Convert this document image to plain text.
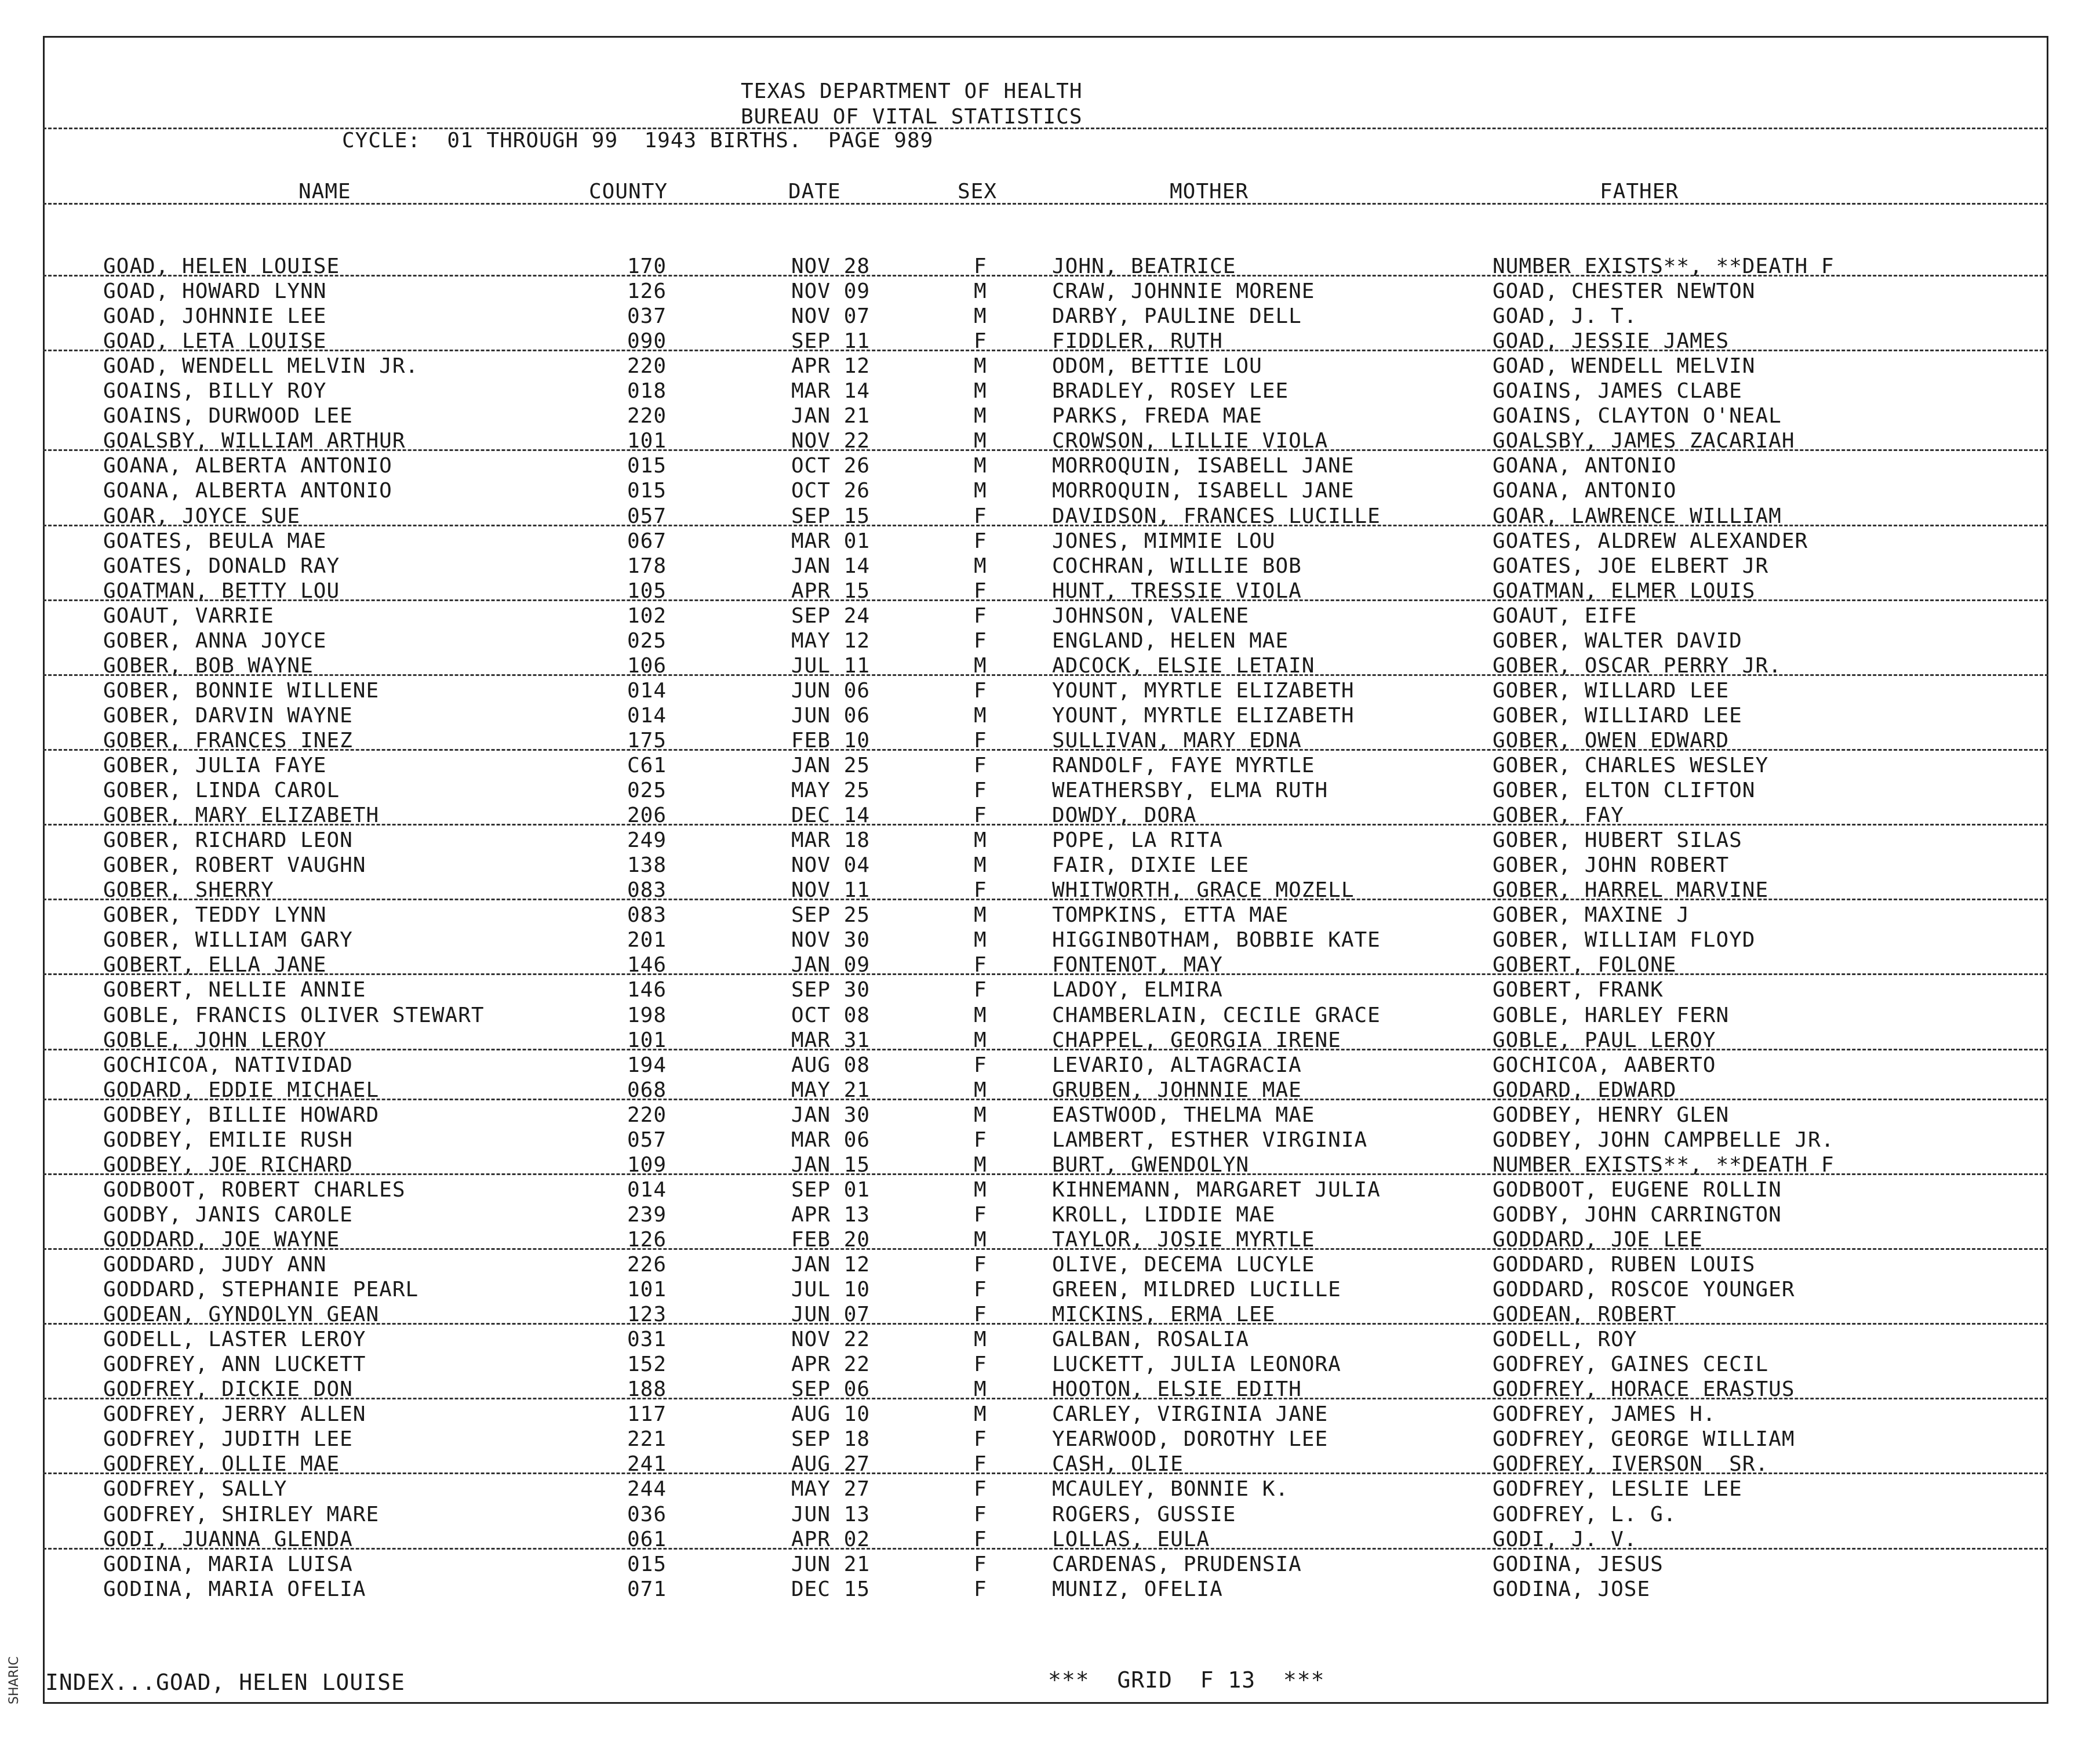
TEXAS DEPARTMENT OF HEALTH
BUREAU OF VITAL STATISTICS
CYCLE:  01 THROUGH 99  1943 BIRTHS.  PAGE 989
NAME	COUNTY	DATE	SEX	MOTHER	FATHER
GOAD, HELEN LOUISE	170	NOV 28	F	JOHN, BEATRICE	NUMBER EXISTS**, **DEATH F
GOAD, HOWARD LYNN	126	NOV 09	M	CRAW, JOHNNIE MORENE	GOAD, CHESTER NEWTON
GOAD, JOHNNIE LEE	037	NOV 07	M	DARBY, PAULINE DELL	GOAD, J. T.
GOAD, LETA LOUISE	090	SEP 11	F	FIDDLER, RUTH	GOAD, JESSIE JAMES
GOAD, WENDELL MELVIN JR.	220	APR 12	M	ODOM, BETTIE LOU	GOAD, WENDELL MELVIN
GOAINS, BILLY ROY	018	MAR 14	M	BRADLEY, ROSEY LEE	GOAINS, JAMES CLABE
GOAINS, DURWOOD LEE	220	JAN 21	M	PARKS, FREDA MAE	GOAINS, CLAYTON O'NEAL
GOALSBY, WILLIAM ARTHUR	101	NOV 22	M	CROWSON, LILLIE VIOLA	GOALSBY, JAMES ZACARIAH
GOANA, ALBERTA ANTONIO	015	OCT 26	M	MORROQUIN, ISABELL JANE	GOANA, ANTONIO
GOANA, ALBERTA ANTONIO	015	OCT 26	M	MORROQUIN, ISABELL JANE	GOANA, ANTONIO
GOAR, JOYCE SUE	057	SEP 15	F	DAVIDSON, FRANCES LUCILLE	GOAR, LAWRENCE WILLIAM
GOATES, BEULA MAE	067	MAR 01	F	JONES, MIMMIE LOU	GOATES, ALDREW ALEXANDER
GOATES, DONALD RAY	178	JAN 14	M	COCHRAN, WILLIE BOB	GOATES, JOE ELBERT JR
GOATMAN, BETTY LOU	105	APR 15	F	HUNT, TRESSIE VIOLA	GOATMAN, ELMER LOUIS
GOAUT, VARRIE	102	SEP 24	F	JOHNSON, VALENE	GOAUT, EIFE
GOBER, ANNA JOYCE	025	MAY 12	F	ENGLAND, HELEN MAE	GOBER, WALTER DAVID
GOBER, BOB WAYNE	106	JUL 11	M	ADCOCK, ELSIE LETAIN	GOBER, OSCAR PERRY JR.
GOBER, BONNIE WILLENE	014	JUN 06	F	YOUNT, MYRTLE ELIZABETH	GOBER, WILLARD LEE
GOBER, DARVIN WAYNE	014	JUN 06	M	YOUNT, MYRTLE ELIZABETH	GOBER, WILLIARD LEE
GOBER, FRANCES INEZ	175	FEB 10	F	SULLIVAN, MARY EDNA	GOBER, OWEN EDWARD
GOBER, JULIA FAYE	C61	JAN 25	F	RANDOLF, FAYE MYRTLE	GOBER, CHARLES WESLEY
GOBER, LINDA CAROL	025	MAY 25	F	WEATHERSBY, ELMA RUTH	GOBER, ELTON CLIFTON
GOBER, MARY ELIZABETH	206	DEC 14	F	DOWDY, DORA	GOBER, FAY
GOBER, RICHARD LEON	249	MAR 18	M	POPE, LA RITA	GOBER, HUBERT SILAS
GOBER, ROBERT VAUGHN	138	NOV 04	M	FAIR, DIXIE LEE	GOBER, JOHN ROBERT
GOBER, SHERRY	083	NOV 11	F	WHITWORTH, GRACE MOZELL	GOBER, HARREL MARVINE
GOBER, TEDDY LYNN	083	SEP 25	M	TOMPKINS, ETTA MAE	GOBER, MAXINE J
GOBER, WILLIAM GARY	201	NOV 30	M	HIGGINBOTHAM, BOBBIE KATE	GOBER, WILLIAM FLOYD
GOBERT, ELLA JANE	146	JAN 09	F	FONTENOT, MAY	GOBERT, FOLONE
GOBERT, NELLIE ANNIE	146	SEP 30	F	LADOY, ELMIRA	GOBERT, FRANK
GOBLE, FRANCIS OLIVER STEWART	198	OCT 08	M	CHAMBERLAIN, CECILE GRACE	GOBLE, HARLEY FERN
GOBLE, JOHN LEROY	101	MAR 31	M	CHAPPEL, GEORGIA IRENE	GOBLE, PAUL LEROY
GOCHICOA, NATIVIDAD	194	AUG 08	F	LEVARIO, ALTAGRACIA	GOCHICOA, AABERTO
GODARD, EDDIE MICHAEL	068	MAY 21	M	GRUBEN, JOHNNIE MAE	GODARD, EDWARD
GODBEY, BILLIE HOWARD	220	JAN 30	M	EASTWOOD, THELMA MAE	GODBEY, HENRY GLEN
GODBEY, EMILIE RUSH	057	MAR 06	F	LAMBERT, ESTHER VIRGINIA	GODBEY, JOHN CAMPBELLE JR.
GODBEY, JOE RICHARD	109	JAN 15	M	BURT, GWENDOLYN	NUMBER EXISTS**, **DEATH F
GODBOOT, ROBERT CHARLES	014	SEP 01	M	KIHNEMANN, MARGARET JULIA	GODBOOT, EUGENE ROLLIN
GODBY, JANIS CAROLE	239	APR 13	F	KROLL, LIDDIE MAE	GODBY, JOHN CARRINGTON
GODDARD, JOE WAYNE	126	FEB 20	M	TAYLOR, JOSIE MYRTLE	GODDARD, JOE LEE
GODDARD, JUDY ANN	226	JAN 12	F	OLIVE, DECEMA LUCYLE	GODDARD, RUBEN LOUIS
GODDARD, STEPHANIE PEARL	101	JUL 10	F	GREEN, MILDRED LUCILLE	GODDARD, ROSCOE YOUNGER
GODEAN, GYNDOLYN GEAN	123	JUN 07	F	MICKINS, ERMA LEE	GODEAN, ROBERT
GODELL, LASTER LEROY	031	NOV 22	M	GALBAN, ROSALIA	GODELL, ROY
GODFREY, ANN LUCKETT	152	APR 22	F	LUCKETT, JULIA LEONORA	GODFREY, GAINES CECIL
GODFREY, DICKIE DON	188	SEP 06	M	HOOTON, ELSIE EDITH	GODFREY, HORACE ERASTUS
GODFREY, JERRY ALLEN	117	AUG 10	M	CARLEY, VIRGINIA JANE	GODFREY, JAMES H.
GODFREY, JUDITH LEE	221	SEP 18	F	YEARWOOD, DOROTHY LEE	GODFREY, GEORGE WILLIAM
GODFREY, OLLIE MAE	241	AUG 27	F	CASH, OLIE	GODFREY, IVERSON  SR.
GODFREY, SALLY	244	MAY 27	F	MCAULEY, BONNIE K.	GODFREY, LESLIE LEE
GODFREY, SHIRLEY MARE	036	JUN 13	F	ROGERS, GUSSIE	GODFREY, L. G.
GODI, JUANNA GLENDA	061	APR 02	F	LOLLAS, EULA	GODI, J. V.
GODINA, MARIA LUISA	015	JUN 21	F	CARDENAS, PRUDENSIA	GODINA, JESUS
GODINA, MARIA OFELIA	071	DEC 15	F	MUNIZ, OFELIA	GODINA, JOSE
INDEX...GOAD, HELEN LOUISE	***  GRID  F 13  ***
SHARIC
